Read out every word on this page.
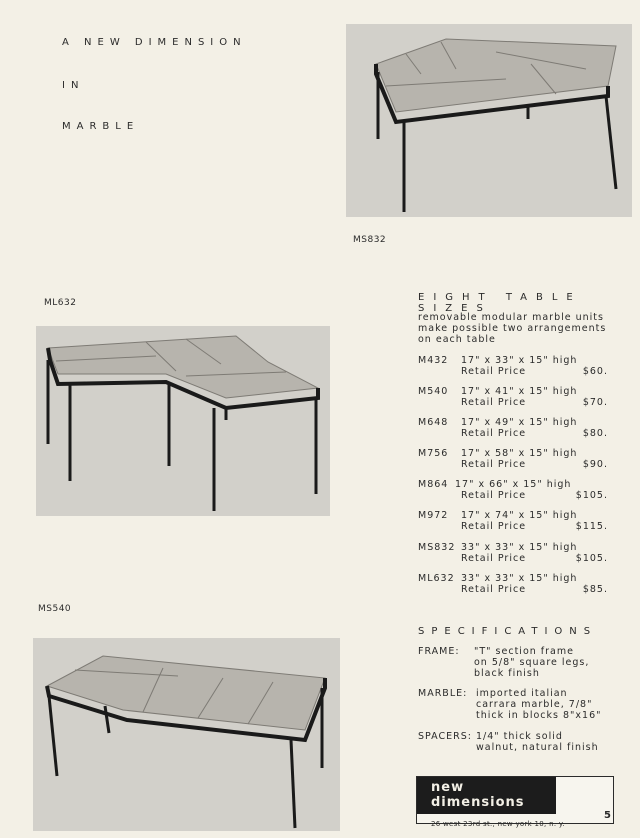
A NEW DIMENSION
IN
MARBLE
MS832
ML632
MS540
EIGHT TABLE SIZES
removable modular marble units
make possible two arrangements
on each table
M432 17" x 33" x 15" high
Retail Price	$60.
M540 17" x 41" x 15" high
Retail Price	$70.
M648 17" x 49" x 15" high
Retail Price	$80.
M756 17" x 58" x 15" high
Retail Price	$90.
M864 17" x 66" x 15" high
Retail Price	$105.
M972 17" x 74" x 15" high
Retail Price	$115.
MS832 33" x 33" x 15" high
Retail Price	$105.
ML632 33" x 33" x 15" high
Retail Price	$85.
SPECIFICATIONS
FRAME: "T" section frame
on 5/8" square legs,
black finish
MARBLE: imported italian
carrara marble, 7/8"
thick in blocks 8"x16"
SPACERS: 1/4" thick solid
walnut, natural finish
new dimensions
26 west 23rd st., new york 10, n. y.
5
